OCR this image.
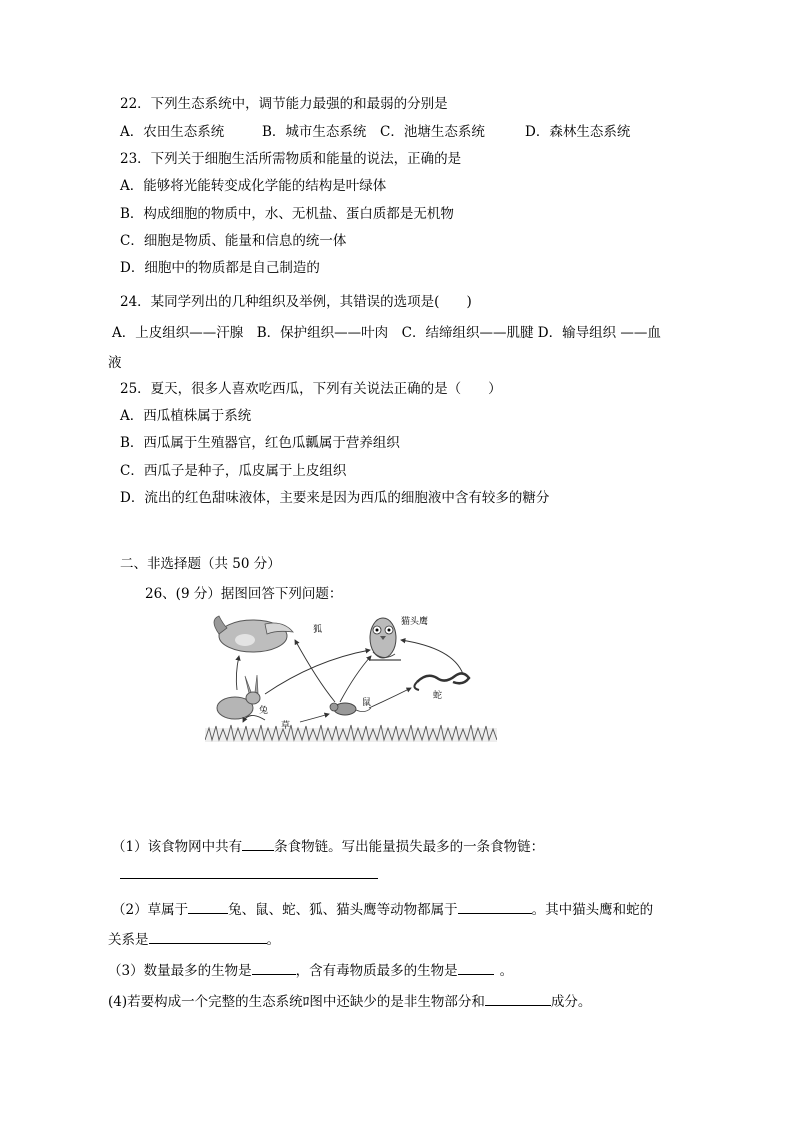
22．下列生态系统中，调节能力最强的和最弱的分别是
A．农田生态系统	B．城市生态系统 C．池塘生态系统	D．森林生态系统
23．下列关于细胞生活所需物质和能量的说法，正确的是
A．能够将光能转变成化学能的结构是叶绿体
B．构成细胞的物质中，水、无机盐、蛋白质都是无机物
C．细胞是物质、能量和信息的统一体
D．细胞中的物质都是自己制造的
24．某同学列出的几种组织及举例，其错误的选项是(　　)
A．上皮组织——汗腺　B．保护组织——叶肉　C．结缔组织——肌腱 D．输导组织 ——血
液
25．夏天，很多人喜欢吃西瓜，下列有关说法正确的是（　　）
A．西瓜植株属于系统
B．西瓜属于生殖器官，红色瓜瓤属于营养组织
C．西瓜子是种子，瓜皮属于上皮组织
D．流出的红色甜味液体，主要来是因为西瓜的细胞液中含有较多的糖分
二、非选择题（共 50 分）
26、(9 分）据图回答下列问题：
狐
猫头鹰
兔
鼠
蛇
草
（1）该食物网中共有 条食物链。写出能量损失最多的一条食物链：
（2）草属于	兔、鼠、蛇、狐、猫头鹰等动物都属于	。其中猫头鹰和蛇的
关系是	。
（3）数量最多的生物是	，含有毒物质最多的生物是	。
(4)若要构成一个完整的生态系统ﾛ图中还缺少的是非生物部分和	成分。
